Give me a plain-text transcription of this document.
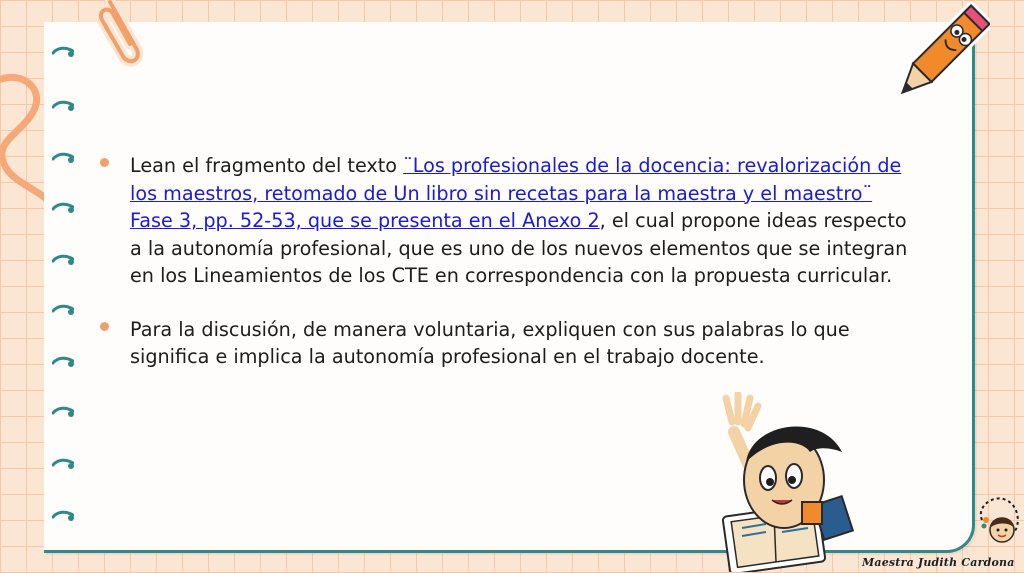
Lean el fragmento del texto ¨Los profesionales de la docencia: revalorización de los maestros, retomado de Un libro sin recetas para la maestra y el maestro¨ Fase 3, pp. 52-53, que se presenta en el Anexo 2, el cual propone ideas respecto a la autonomía profesional, que es uno de los nuevos elementos que se integran en los Lineamientos de los CTE en correspondencia con la propuesta curricular.
Para la discusión, de manera voluntaria, expliquen con sus palabras lo que significa e implica la autonomía profesional en el trabajo docente.
Maestra Judith Cardona
